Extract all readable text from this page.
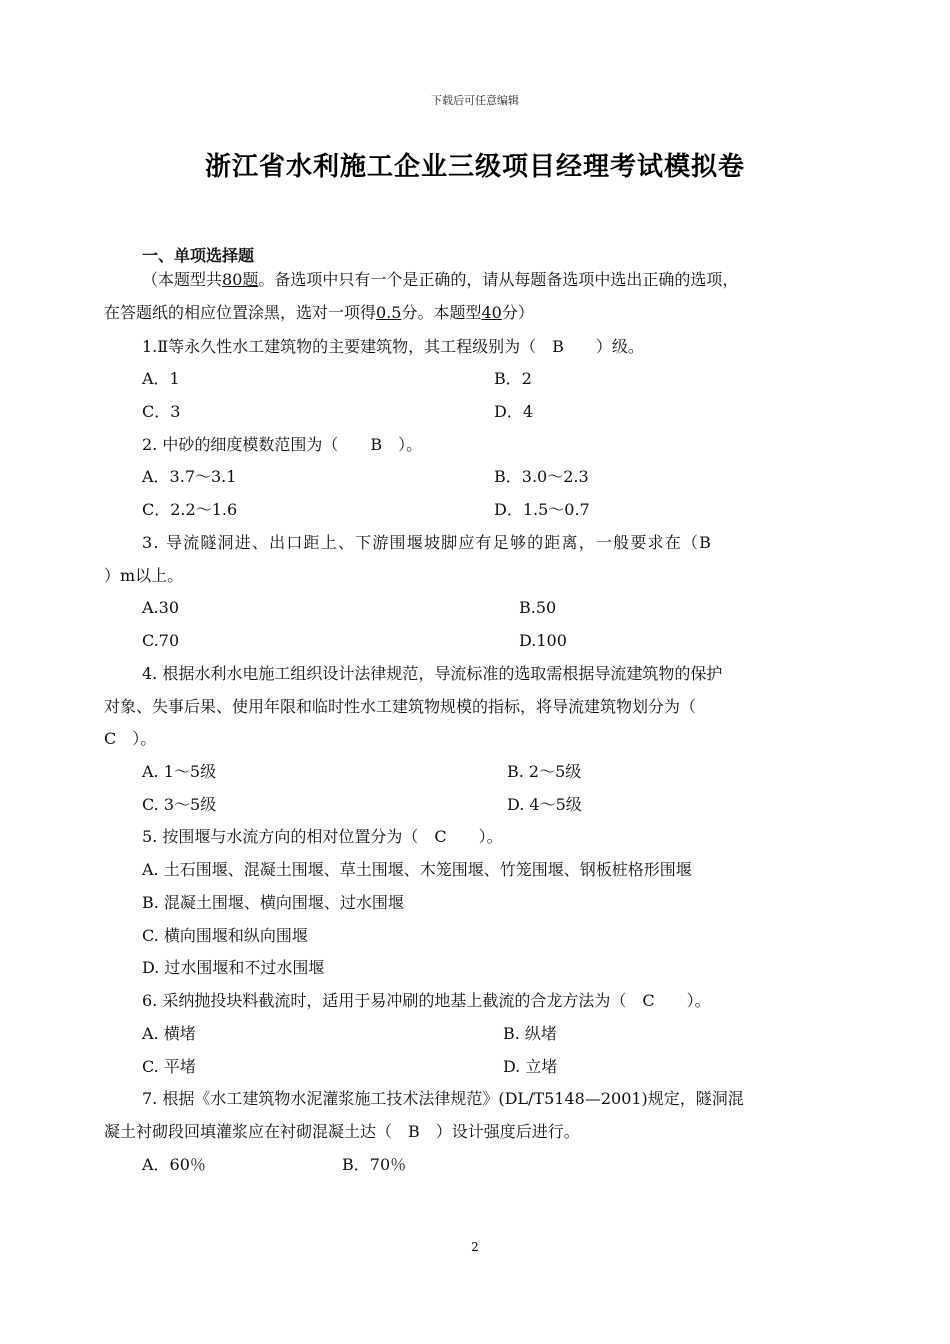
下载后可任意编辑
浙江省水利施工企业三级项目经理考试模拟卷
一、单项选择题
（本题型共80题。备选项中只有一个是正确的，请从每题备选项中选出正确的选项，
在答题纸的相应位置涂黑，选对一项得0.5分。本题型40分）
1.Ⅱ等永久性水工建筑物的主要建筑物，其工程级别为（　B　　）级。
A．1	B．2
C．3	D．4
2. 中砂的细度模数范围为（　　B　）。
A．3.7～3.1	B．3.0～2.3
C．2.2～1.6	D．1.5～0.7
3. 导流隧洞进、出口距上、下游围堰坡脚应有足够的距离，一般要求在（B
）m以上。
A.30	B.50
C.70	D.100
4. 根据水利水电施工组织设计法律规范，导流标准的选取需根据导流建筑物的保护
对象、失事后果、使用年限和临时性水工建筑物规模的指标，将导流建筑物划分为（
C　）。
A. 1～5级	B. 2～5级
C. 3～5级	D. 4～5级
5. 按围堰与水流方向的相对位置分为（　C　　）。
A. 土石围堰、混凝土围堰、草土围堰、木笼围堰、竹笼围堰、钢板桩格形围堰
B. 混凝土围堰、横向围堰、过水围堰
C. 横向围堰和纵向围堰
D. 过水围堰和不过水围堰
6. 采纳抛投块料截流时，适用于易冲刷的地基上截流的合龙方法为（　C　　）。
A. 横堵	B. 纵堵
C. 平堵	D. 立堵
7. 根据《水工建筑物水泥灌浆施工技术法律规范》(DL/T5148—2001)规定，隧洞混
凝土衬砌段回填灌浆应在衬砌混凝土达（　B　）设计强度后进行。
A．60％	B．70％
2
